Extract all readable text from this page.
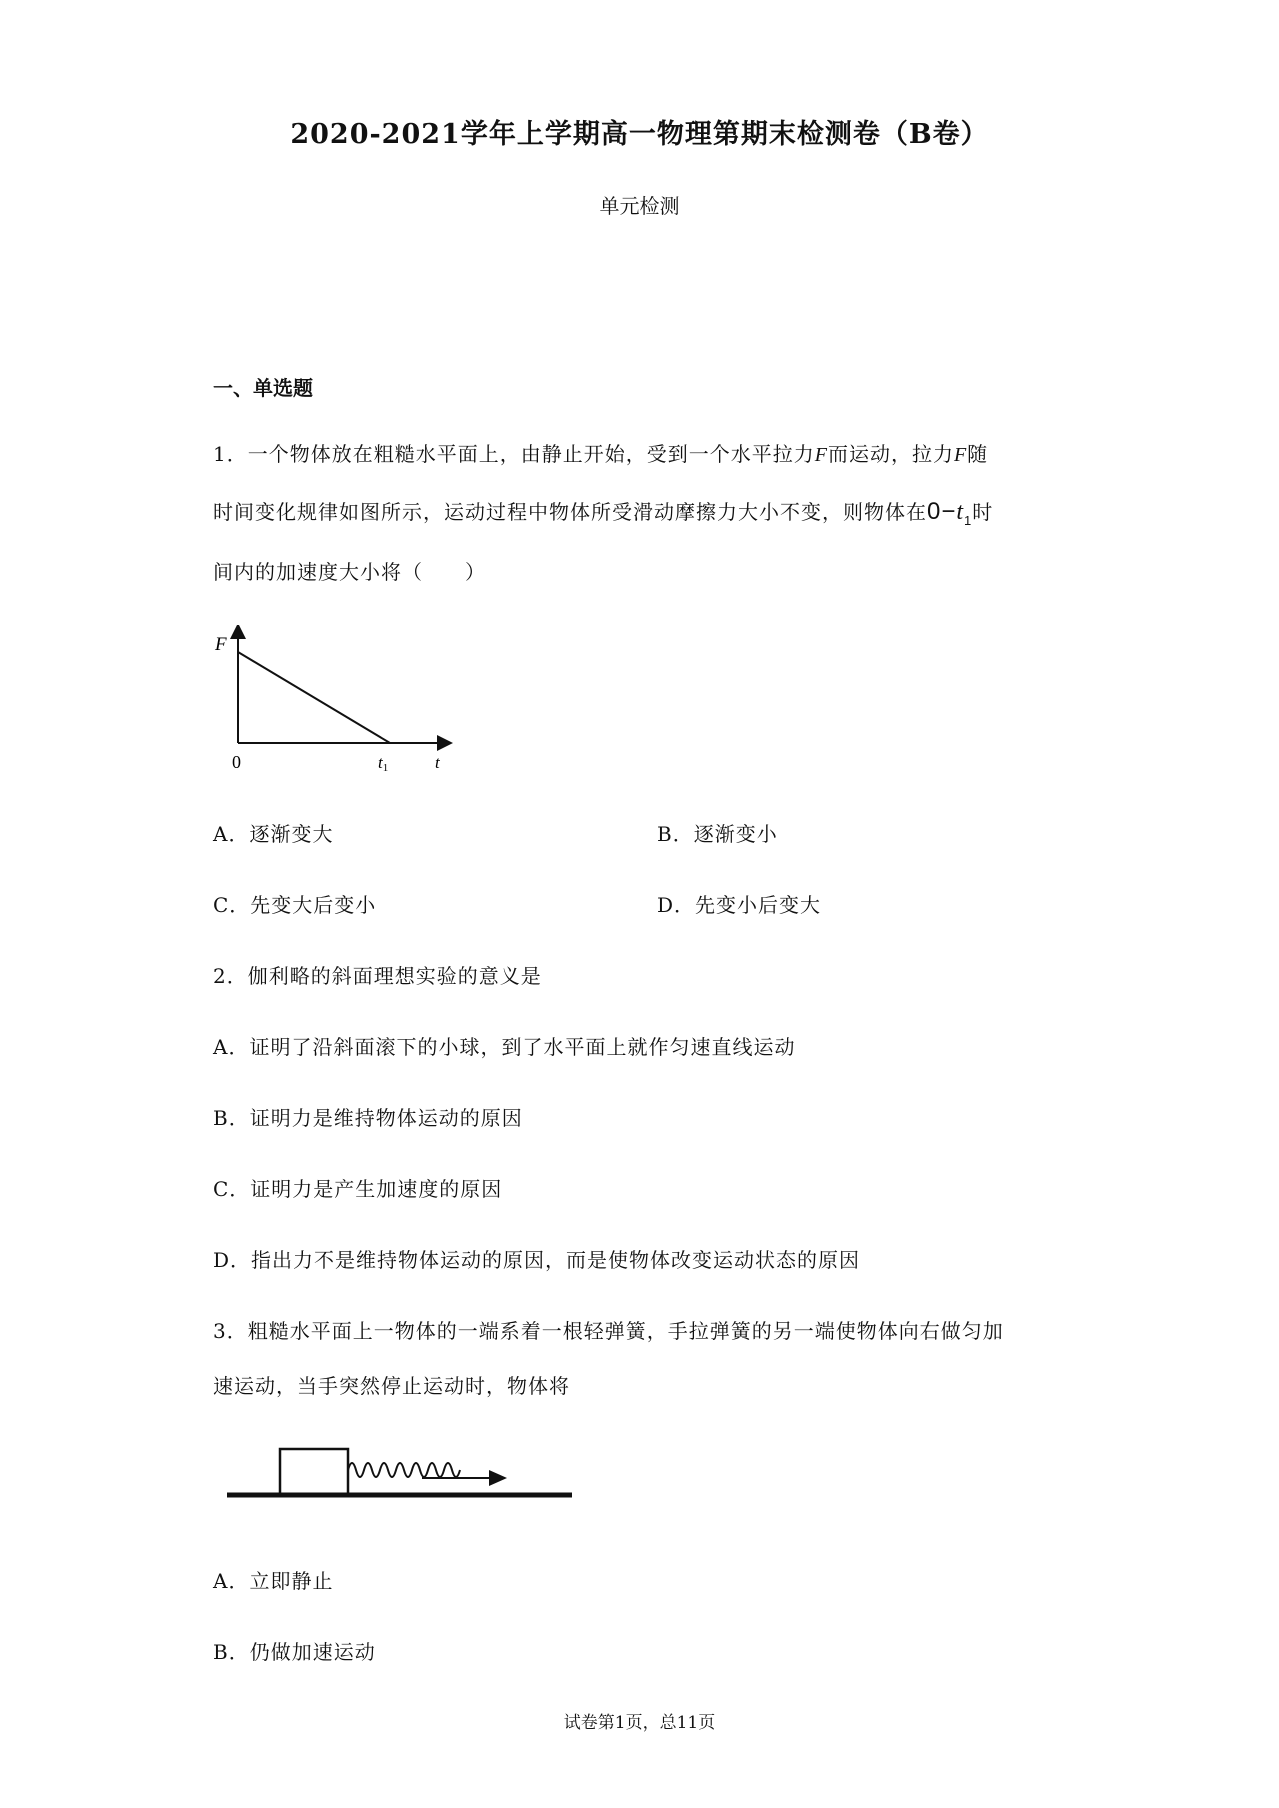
2020-2021学年上学期高一物理第期末检测卷（B卷）
单元检测
一、单选题
1．一个物体放在粗糙水平面上，由静止开始，受到一个水平拉力F而运动，拉力F随
时间变化规律如图所示，运动过程中物体所受滑动摩擦力大小不变，则物体在$0-t_1$时
间内的加速度大小将（　　）
F
0	t1	t
A．逐渐变大	B．逐渐变小
C．先变大后变小	D．先变小后变大
2．伽利略的斜面理想实验的意义是
A．证明了沿斜面滚下的小球，到了水平面上就作匀速直线运动
B．证明力是维持物体运动的原因
C．证明力是产生加速度的原因
D．指出力不是维持物体运动的原因，而是使物体改变运动状态的原因
3．粗糙水平面上一物体的一端系着一根轻弹簧，手拉弹簧的另一端使物体向右做匀加
速运动，当手突然停止运动时，物体将
A．立即静止
B．仍做加速运动
试卷第1页，总11页
